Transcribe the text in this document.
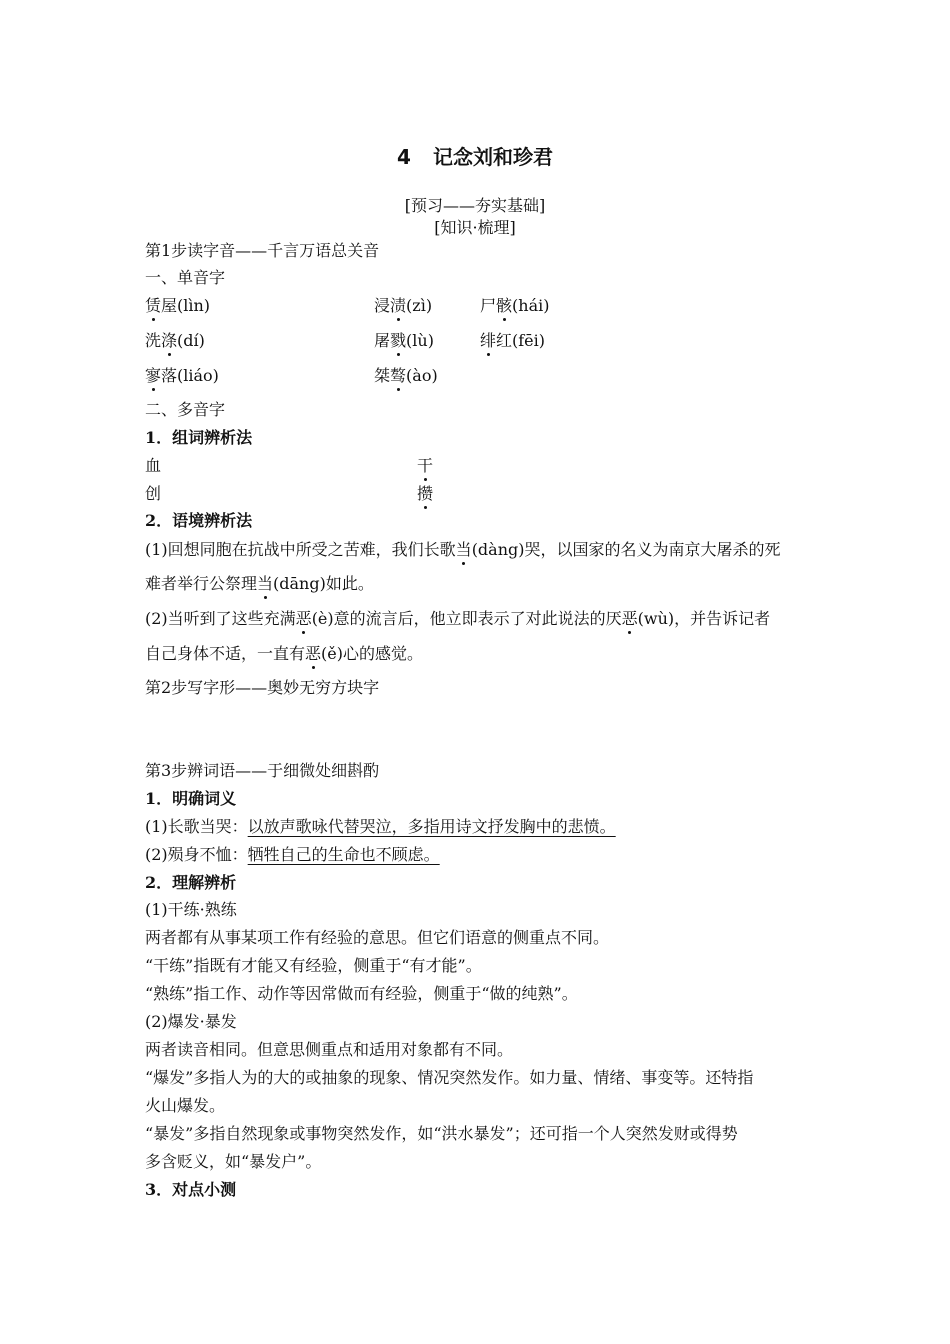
4 记念刘和珍君
[预习——夯实基础]
[知识·梳理]
第1步读字音——千言万语总关音
一、单音字
赁屋(lìn)	浸渍(zì)	尸骸(hái)
洗涤(dí)	屠戮(lù)	绯红(fēi)
寥落(liáo)	桀骜(ào)
二、多音字
1．组词辨析法
血	干
创	攒
2．语境辨析法
(1)回想同胞在抗战中所受之苦难，我们长歌当(dàng)哭，以国家的名义为南京大屠杀的死
难者举行公祭理当(dāng)如此。
(2)当听到了这些充满恶(è)意的流言后，他立即表示了对此说法的厌恶(wù)，并告诉记者
自己身体不适，一直有恶(ě)心的感觉。
第2步写字形——奥妙无穷方块字
第3步辨词语——于细微处细斟酌
1．明确词义
(1)长歌当哭：以放声歌咏代替哭泣，多指用诗文抒发胸中的悲愤。
(2)殒身不恤：牺牲自己的生命也不顾虑。
2．理解辨析
(1)干练·熟练
两者都有从事某项工作有经验的意思。但它们语意的侧重点不同。
“干练”指既有才能又有经验，侧重于“有才能”。
“熟练”指工作、动作等因常做而有经验，侧重于“做的纯熟”。
(2)爆发·暴发
两者读音相同。但意思侧重点和适用对象都有不同。
“爆发”多指人为的大的或抽象的现象、情况突然发作。如力量、情绪、事变等。还特指
火山爆发。
“暴发”多指自然现象或事物突然发作，如“洪水暴发”；还可指一个人突然发财或得势
多含贬义，如“暴发户”。
3．对点小测
